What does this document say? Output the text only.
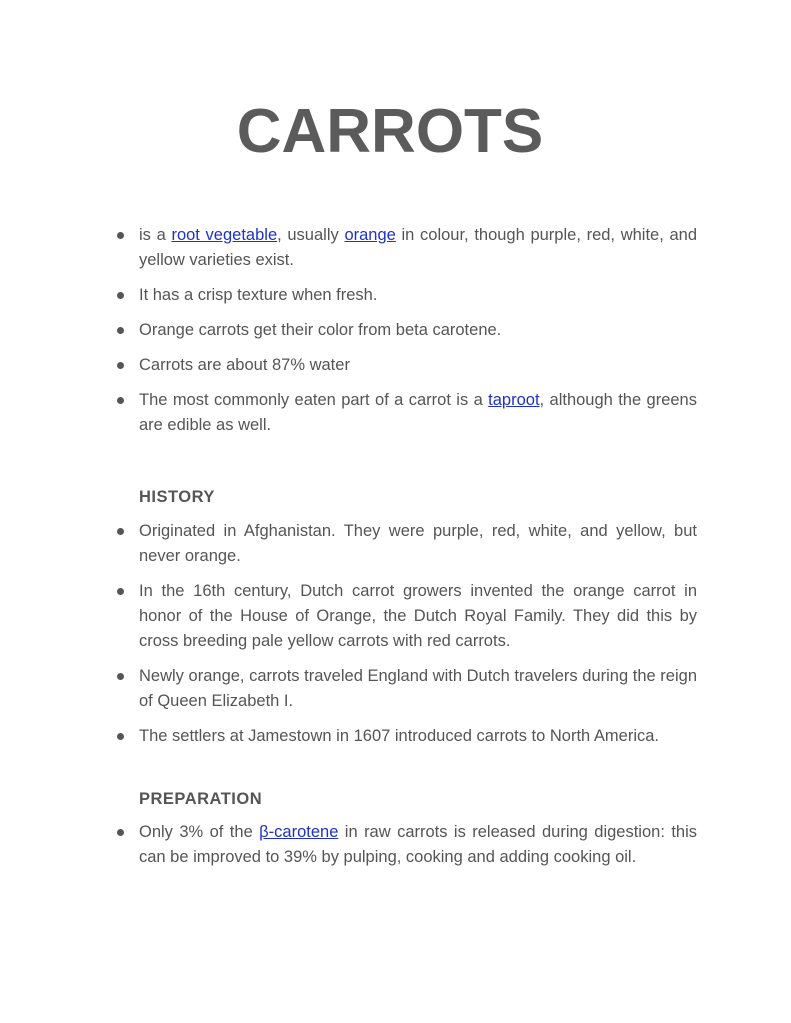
CARROTS
is a root vegetable, usually orange in colour, though purple, red, white, and yellow varieties exist.
It has a crisp texture when fresh.
Orange carrots get their color from beta carotene.
Carrots are about 87% water
The most commonly eaten part of a carrot is a taproot, although the greens are edible as well.
HISTORY
Originated in Afghanistan. They were purple, red, white, and yellow, but never orange.
In the 16th century, Dutch carrot growers invented the orange carrot in honor of the House of Orange, the Dutch Royal Family. They did this by cross breeding pale yellow carrots with red carrots.
Newly orange, carrots traveled England with Dutch travelers during the reign of Queen Elizabeth I.
The settlers at Jamestown in 1607 introduced carrots to North America.
PREPARATION
Only 3% of the β-carotene in raw carrots is released during digestion: this can be improved to 39% by pulping, cooking and adding cooking oil.
